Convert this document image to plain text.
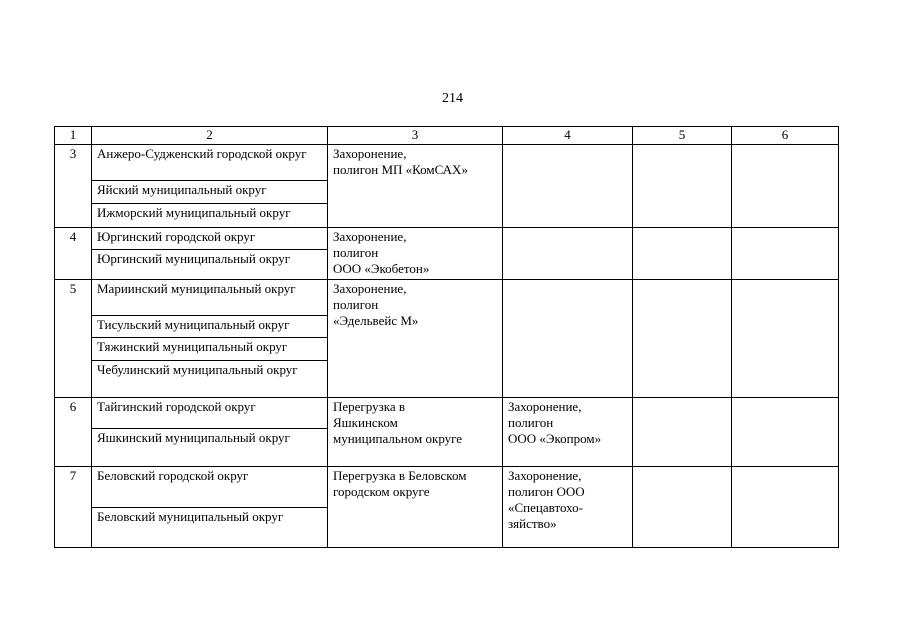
214
1	2	3	4	5	6
3	Анжеро-Судженский городской округ	Захоронение,
полигон МП «КомСАХ»			

	Яйский муниципальный округ				
	Ижморский муниципальный округ				
4	Юргинский городской округ	Захоронение,
полигон
ООО «Экобетон»			

	Юргинский муниципальный округ				
5	Мариинский муниципальный округ	Захоронение,
полигон
«Эдельвейс М»			

	Тисульский муниципальный округ				
	Тяжинский муниципальный округ				
	Чебулинский муниципальный округ				
6	Тайгинский городской округ	Перегрузка в
Яшкинском
муниципальном округе	Захоронение,
полигон
ООО «Экопром»		

	Яшкинский муниципальный округ				
7	Беловский городской округ	Перегрузка в Беловском
городском округе	Захоронение,
полигон ООО
«Спецавтохо-
зяйство»		

	Беловский муниципальный округ				
